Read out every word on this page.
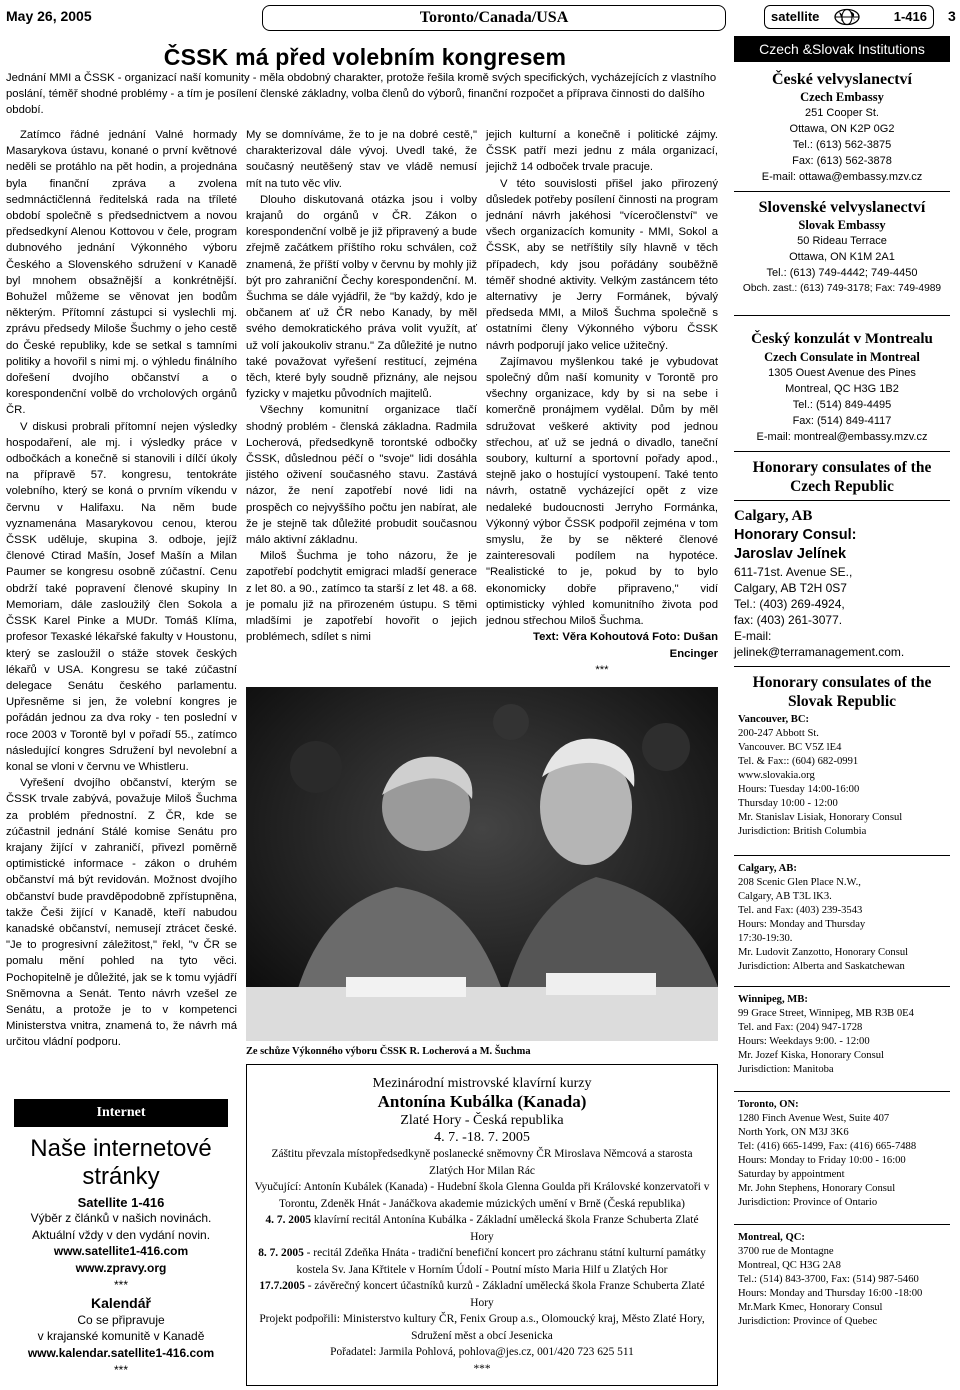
May 26, 2005	Toronto/Canada/USA	satellite	1-416 3
ČSSK má před volebním kongresem
Jednání MMI a ČSSK - organizací naší komunity - měla obdobný charakter, protože řešila kromě svých specifických, vycházejících z vlastního poslání, téměř shodné problémy - a tím je posílení členské základny, volba členů do výborů, finanční rozpočet a příprava činnosti do dalšího období.

Zatímco řádné jednání Valné hormady Masarykova ústavu, konané o první květnové neděli se protáhlo na pět hodin, a projednána byla finanční zpráva a zvolena sedmnáctičlenná ředitelská rada na tříleté období společně s předsednictvem a novou předsedkyní Alenou Kottovou v čele, program dubnového jednání Výkonného výboru Českého a Slovenského sdružení v Kanadě byl mnohem obsažnější a konkrétnější. Bohužel můžeme se věnovat jen bodům některým. Přítomní zástupci si vyslechli mj. zprávu předsedy Miloše Šuchmy o jeho cestě do České republiky, kde se setkal s tamními politiky a hovořil s nimi mj. o výhledu finálního dořešení dvojího občanství a o korespondenční volbě do vrcholových orgánů ČR.

V diskusi probrali přítomní nejen výsledky hospodaření, ale mj. i výsledky práce v odbočkách a konečně si stanovili i dílčí úkoly na přípravě 57. kongresu, tentokráte volebního, který se koná o prvním víkendu v červnu v Halifaxu. Na něm bude vyznamenána Masarykovou cenou, kterou ČSSK uděluje, skupina 3. odboje, jejíž členové Ctirad Mašín, Josef Mašín a Milan Paumer se kongresu osobně zúčastní. Cenu obdrží také popravení členové skupiny In Memoriam, dále zasloužilý člen Sokola a ČSSK Karel Pinke a MUDr. Tomáš Klíma, profesor Texaské lékařské fakulty v Houstonu, který se zasloužil o stáže stovek českých lékařů v USA. Kongresu se také zúčastní delegace Senátu českého parlamentu. Upřesněme si jen, že volební kongres je pořádán jednou za dva roky - ten poslední v roce 2003 v Torontě byl v pořadí 55., zatímco následující kongres Sdružení byl nevolební a konal se vloni v červnu ve Whistleru.

Vyřešení dvojího občanství, kterým se ČSSK trvale zabývá, považuje Miloš Šuchma za problém přednostní. Z ČR, kde se zúčastnil jednání Stálé komise Senátu pro krajany žijící v zahraničí, přivezl poměrně optimistické informace - zákon o druhém občanství má být revidován. Možnost dvojího občanství bude pravděpodobně zpřístupněna, takže Češi žijící v Kanadě, kteří nabudou kanadské občanství, nemusejí ztrácet české. "Je to progresivní záležitost," řekl, "v ČR se pomalu mění pohled na tyto věci. Pochopitelně je důležité, jak se k tomu vyjádří Sněmovna a Senát. Tento návrh vzešel ze Senátu, a protože je to v kompetenci Ministerstva vnitra, znamená to, že návrh má určitou vládní podporu.

My se domníváme, že to je na dobré cestě," charakterizoval dále vývoj. Uvedl také, že současný neutěšený stav ve vládě nemusí mít na tuto věc vliv.

Dlouho diskutovaná otázka jsou i volby krajanů do orgánů v ČR. Zákon o korespondenční volbě je již připravený a bude zřejmě začátkem příštího roku schválen, což znamená, že příští volby v červnu by mohly již být pro zahraniční Čechy korespondenční. M. Šuchma se dále vyjádřil, že "by každý, kdo je občanem ať už ČR nebo Kanady, by měl svého demokratického práva volit využít, ať už volí jakoukoliv stranu." Za důležité je nutno také považovat vyřešení restitucí, zejména těch, které byly soudně přiznány, ale nejsou fyzicky v majetku původních majitelů.

Všechny komunitní organizace tlačí shodný problém - členská základna. Radmila Locherová, předsedkyně torontské odbočky ČSSK, důslednou péčí o "svoje" lidi dosáhla jistého oživení současného stavu. Zastává názor, že není zapotřebí nové lidi na prospěch co nejvyššího počtu jen nabírat, ale že je stejně tak důležité probudit současnou málo aktivní základnu.

Miloš Šuchma je toho názoru, že je zapotřebí podchytit emigraci mladší generace z let 80. a 90., zatímco ta starší z let 48. a 68. je pomalu již na přirozeném ústupu. S těmi mladšími je zapotřebí hovořit o jejich problémech, sdílet s nimi

jejich kulturní a konečně i politické zájmy. ČSSK patří mezi jednu z mála organizací, jejichž 14 odboček trvale pracuje.

V této souvislosti přišel jako přirozený důsledek potřeby posílení činnosti na program jednání návrh jakéhosi "víceročlenství" ve všech organizacích komunity - MMI, Sokol a ČSSK, aby se netříštily síly hlavně v těch případech, kdy jsou pořádány souběžně téměř shodné aktivity. Velkým zastáncem této alternativy je Jerry Formánek, bývalý předseda MMI, a Miloš Šuchma společně s ostatními členy Výkonného výboru ČSSK návrh podporují jako velice užitečný.

Zajímavou myšlenkou také je vybudovat společný dům naší komunity v Torontě pro všechny organizace, kdy by si na sebe i komerčně pronájmem vydělal. Dům by měl sdružovat veškeré aktivity pod jednou střechou, ať už se jedná o divadlo, taneční soubory, kulturní a sportovní pořady apod., stejně jako o hostující vystoupení. Také tento návrh, ostatně vycházející opět z vize nedaleké budoucnosti Jerryho Formánka, Výkonný výbor ČSSK podpořil zejména v tom smyslu, že by se některé členové zainteresovali podílem na hypotéce. "Realistické to je, pokud by to bylo ekonomicky dobře připraveno," vidí optimisticky výhled komunitního života pod jednou střechou Miloš Šuchma.

Text: Věra Kohoutová Foto: Dušan Encinger

***

Ze schůze Výkonného výboru ČSSK R. Locherová a M. Šuchma
Mezinárodní mistrovské klavírní kurzy
Antonína Kubálka (Kanada)
Zlaté Hory - Česká republika
4. 7. -18. 7. 2005
Záštitu převzala místopředsedkyně poslanecké sněmovny ČR Miroslava Němcová a starosta Zlatých Hor Milan Rác
Vyučující: Antonín Kubálek (Kanada) - Hudební škola Glenna Goulda při Královské konzervatoři v Torontu, Zdeněk Hnát - Janáčkova akademie múzických umění v Brně (Česká republika)
4. 7. 2005 klavírní recitál Antonína Kubálka - Základní umělecká škola Franze Schuberta Zlaté Hory
8. 7. 2005 - recitál Zdeňka Hnáta - tradiční benefiční koncert pro záchranu státní kulturní památky kostela Sv. Jana Křtitele v Horním Údolí - Poutní místo Maria Hilf u Zlatých Hor
17.7.2005 - závěrečný koncert účastníků kurzů - Základní umělecká škola Franze Schuberta Zlaté Hory
Projekt podpořili: Ministerstvo kultury ČR, Fenix Group a.s., Olomoucký kraj, Město Zlaté Hory, Sdružení měst a obcí Jesenicka
Pořadatel: Jarmila Pohlová, pohlova@jes.cz, 001/420 723 625 511
***
Internet
Naše internetové stránky
Satellite 1-416
Výběr z článků v našich novinách.
Aktuální vždy v den vydání novin.
www.satellite1-416.com
www.zpravy.org
***
Kalendář
Co se připravuje
v krajanské komunitě v Kanadě
www.kalendar.satellite1-416.com
***
Czech &Slovak Institutions
České velvyslanectví
Czech Embassy
251 Cooper St.
Ottawa, ON K2P 0G2
Tel.: (613) 562-3875
Fax: (613) 562-3878
E-mail: ottawa@embassy.mzv.cz
Slovenské velvyslanectví
Slovak Embassy
50 Rideau Terrace
Ottawa, ON K1M 2A1
Tel.: (613) 749-4442; 749-4450
Obch. zast.: (613) 749-3178; Fax: 749-4989
Český konzulát v Montrealu
Czech Consulate in Montreal
1305 Ouest Avenue des Pines
Montreal, QC H3G 1B2
Tel.: (514) 849-4495
Fax: (514) 849-4117
E-mail: montreal@embassy.mzv.cz
Honorary consulates of the Czech Republic
Calgary, AB
Honorary Consul:
Jaroslav Jelínek
611-71st. Avenue SE.,
Calgary, AB T2H 0S7
Tel.: (403) 269-4924,
fax: (403) 261-3077.
E-mail:
jelinek@terramanagement.com.
Honorary consulates of the Slovak Republic
Vancouver, BC:
200-247 Abbott St.
Vancouver. BC V5Z lE4
Tel. & Fax:: (604) 682-0991
www.slovakia.org
Hours: Tuesday 14:00-16:00
Thursday 10:00 - 12:00
Mr. Stanislav Lisiak, Honorary Consul
Jurisdiction: British Columbia
Calgary, AB:
208 Scenic Glen Place N.W.,
Calgary, AB T3L lK3.
Tel. and Fax: (403) 239-3543
Hours: Monday and Thursday
17:30-19:30.
Mr. Ludovit Zanzotto, Honorary Consul
Jurisdiction: Alberta and Saskatchewan
Winnipeg, MB:
99 Grace Street, Winnipeg, MB R3B 0E4
Tel. and Fax: (204) 947-1728
Hours: Weekdays 9:00. - 12:00
Mr. Jozef Kiska, Honorary Consul
Jurisdiction: Manitoba
Toronto, ON:
1280 Finch Avenue West, Suite 407
North York, ON M3J 3K6
Tel: (416) 665-1499, Fax: (416) 665-7488
Hours: Monday to Friday 10:00 - 16:00
Saturday by appointment
Mr. John Stephens, Honorary Consul
Jurisdiction: Province of Ontario
Montreal, QC:
3700 rue de Montagne
Montreal, QC H3G 2A8
Tel.: (514) 843-3700, Fax: (514) 987-5460
Hours: Monday and Thursday 16:00 -18:00
Mr.Mark Kmec, Honorary Consul
Jurisdiction: Province of Quebec
